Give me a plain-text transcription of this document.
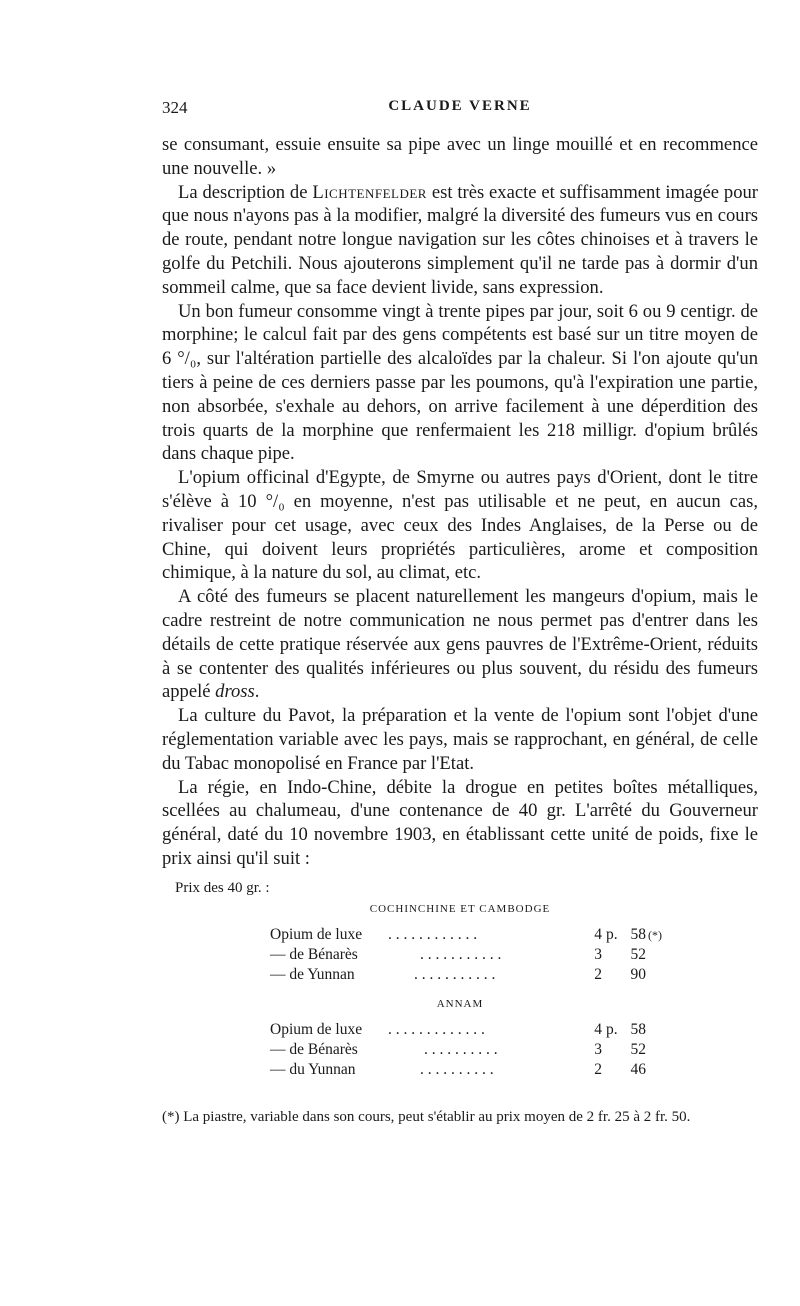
324	CLAUDE VERNE

se consumant, essuie ensuite sa pipe avec un linge mouillé et en recommence une nouvelle. »

La description de Lichtenfelder est très exacte et suffisamment imagée pour que nous n'ayons pas à la modifier, malgré la diversité des fumeurs vus en cours de route, pendant notre longue navigation sur les côtes chinoises et à travers le golfe du Petchili. Nous ajouterons simplement qu'il ne tarde pas à dormir d'un sommeil calme, que sa face devient livide, sans expression.

Un bon fumeur consomme vingt à trente pipes par jour, soit 6 ou 9 centigr. de morphine; le calcul fait par des gens compétents est basé sur un titre moyen de 6 °/₀, sur l'altération partielle des alcaloïdes par la chaleur. Si l'on ajoute qu'un tiers à peine de ces derniers passe par les poumons, qu'à l'expiration une partie, non absorbée, s'exhale au dehors, on arrive facilement à une déperdition des trois quarts de la morphine que renfermaient les 218 milligr. d'opium brûlés dans chaque pipe.

L'opium officinal d'Egypte, de Smyrne ou autres pays d'Orient, dont le titre s'élève à 10 °/₀ en moyenne, n'est pas utilisable et ne peut, en aucun cas, rivaliser pour cet usage, avec ceux des Indes Anglaises, de la Perse ou de Chine, qui doivent leurs propriétés particulières, arome et composition chimique, à la nature du sol, au climat, etc.

A côté des fumeurs se placent naturellement les mangeurs d'opium, mais le cadre restreint de notre communication ne nous permet pas d'entrer dans les détails de cette pratique réservée aux gens pauvres de l'Extrême-Orient, réduits à se contenter des qualités inférieures ou plus souvent, du résidu des fumeurs appelé dross.

La culture du Pavot, la préparation et la vente de l'opium sont l'objet d'une réglementation variable avec les pays, mais se rapprochant, en général, de celle du Tabac monopolisé en France par l'Etat.

La régie, en Indo-Chine, débite la drogue en petites boîtes métalliques, scellées au chalumeau, d'une contenance de 40 gr. L'arrêté du Gouverneur général, daté du 10 novembre 1903, en établissant cette unité de poids, fixe le prix ainsi qu'il suit :

Prix des 40 gr. :
COCHINCHINE ET CAMBODGE
Opium de luxe . . . . . . . . . . . .	4 p. 58 (*)
— de Bénarès	. . . . . . . . . . .	3 52
— de Yunnan	. . . . . . . . . . .	2 90
ANNAM
Opium de luxe . . . . . . . . . . . . .	4 p. 58
— de Bénarès	. . . . . . . . . .	3 52
— du Yunnan	. . . . . . . . . .	2 46
(*) La piastre, variable dans son cours, peut s'établir au prix moyen de 2 fr. 25 à 2 fr. 50.
